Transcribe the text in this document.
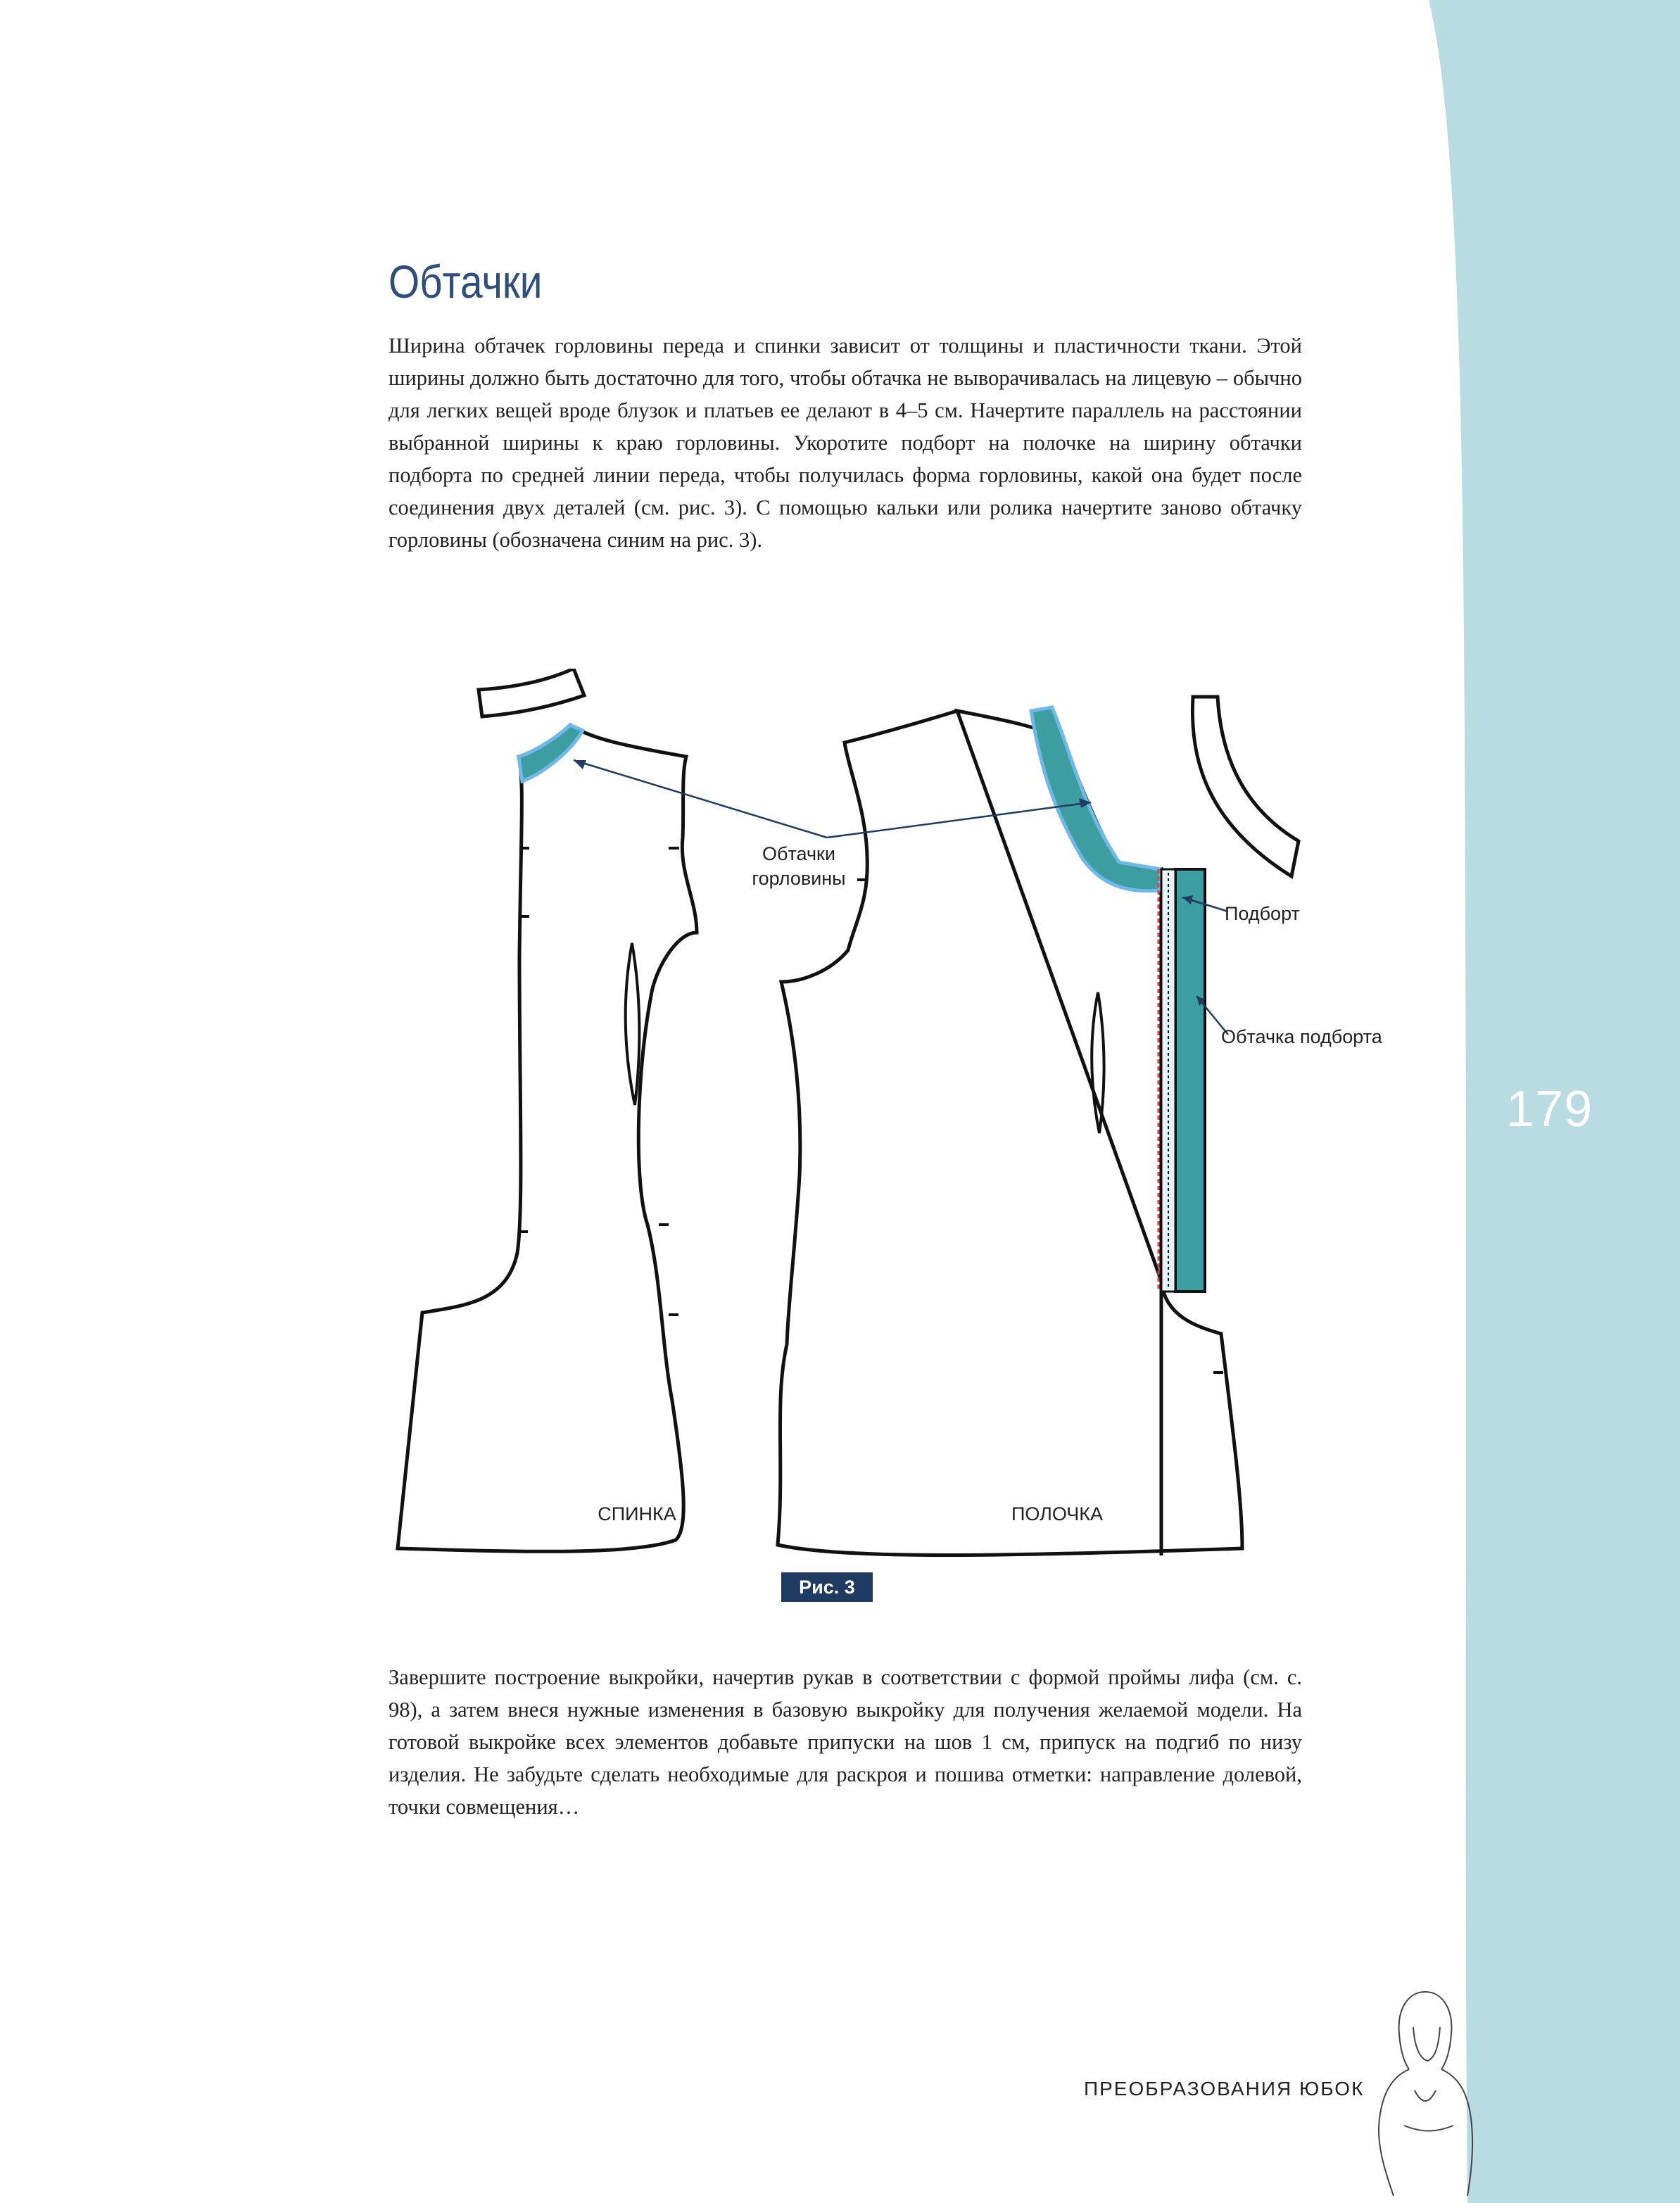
179
Обтачки

Ширина обтачек горловины переда и спинки зависит от толщины и пластичности ткани. Этой ширины должно быть достаточно для того, чтобы обтачка не выворачивалась на лицевую – обычно для легких вещей вроде блузок и платьев ее делают в 4–5 см. Начертите параллель на расстоянии выбранной ширины к краю горловины. Укоротите подборт на полочке на ширину обтачки подборта по средней линии переда, чтобы получилась форма горловины, какой она будет после соединения двух деталей (см. рис. 3). С помощью кальки или ролика начертите заново обтачку горловины (обозначена синим на рис. 3).

Обтачки
горловины
Подборт
Обтачка подборта
СПИНКА	ПОЛОЧКА
Рис. 3

Завершите построение выкройки, начертив рукав в соответствии с формой проймы лифа (см. с. 98), а затем внеся нужные изменения в базовую выкройку для получения желаемой модели. На готовой выкройке всех элементов добавьте припуски на шов 1 см, припуск на подгиб по низу изделия. Не забудьте сделать необходимые для раскроя и пошива отметки: направление долевой, точки совмещения…

ПРЕОБРАЗОВАНИЯ ЮБОК
